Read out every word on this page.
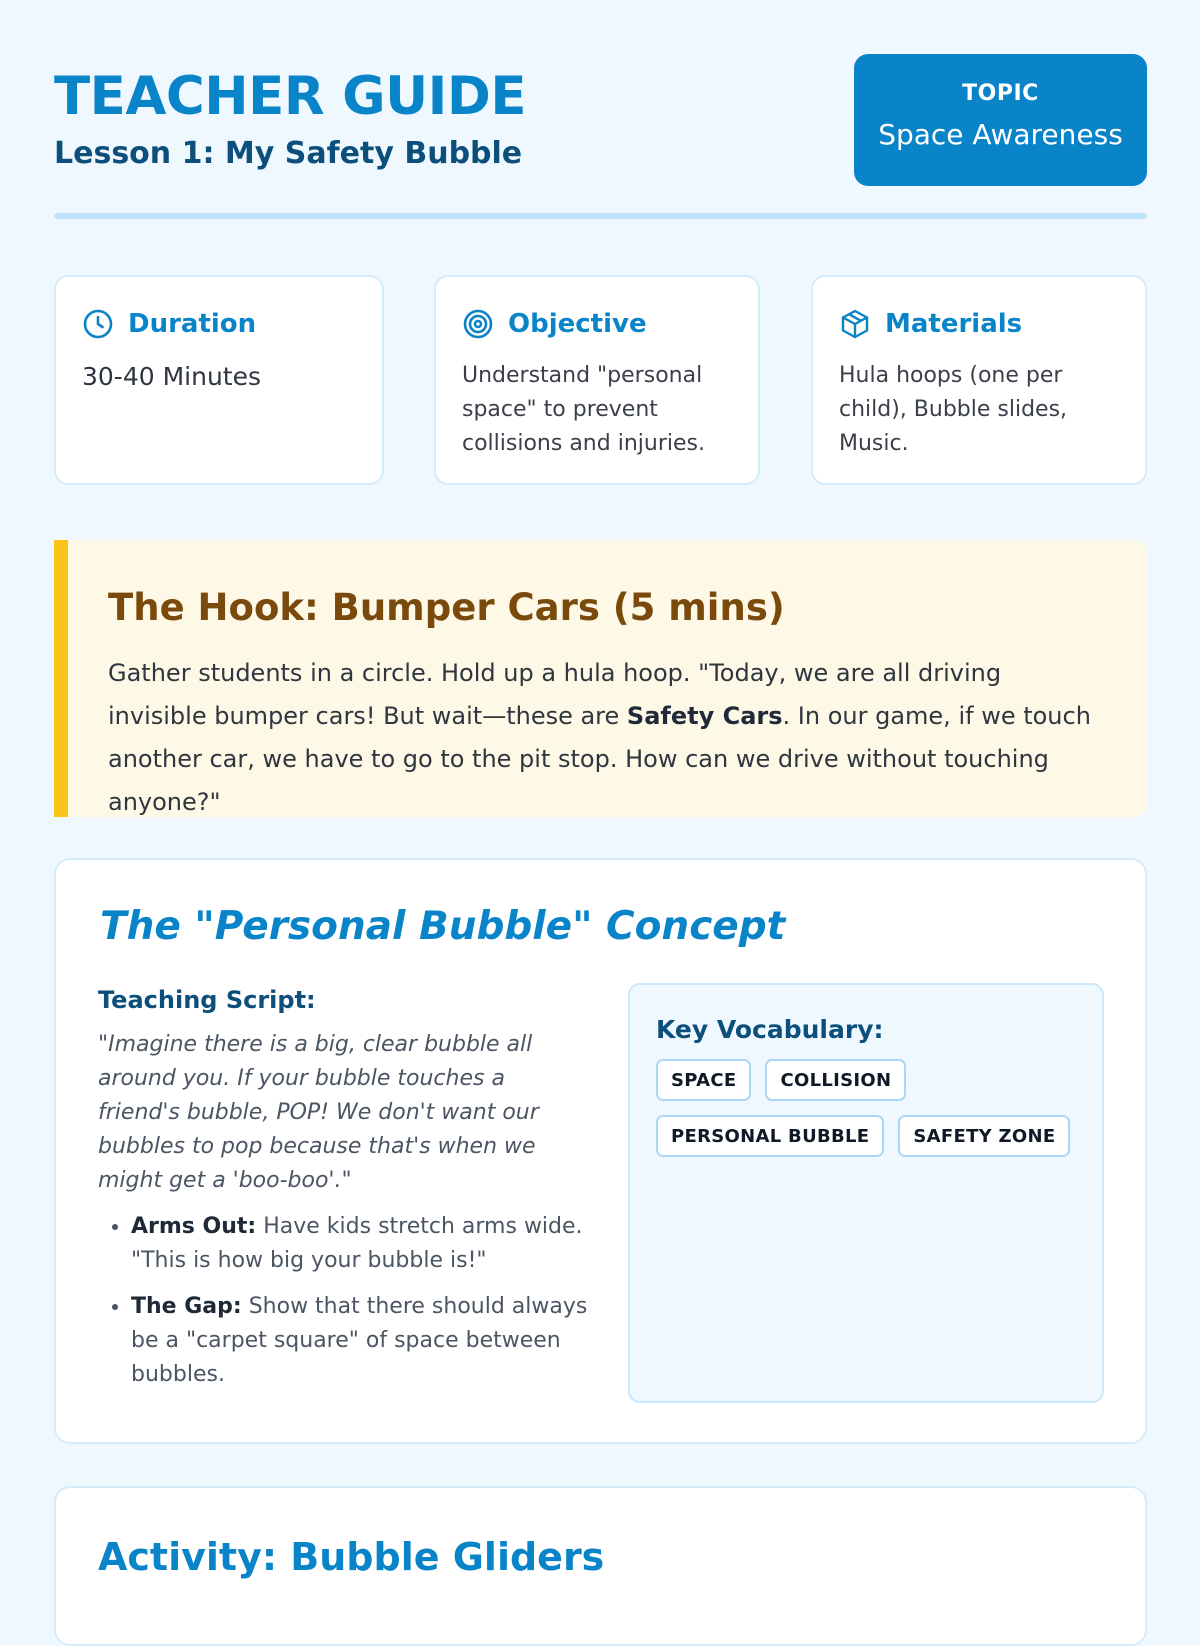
TEACHER GUIDE
Lesson 1: My Safety Bubble
TOPIC
Space Awareness
Duration
30-40 Minutes
Objective
Understand "personal space" to prevent collisions and injuries.
Materials
Hula hoops (one per child), Bubble slides, Music.
The Hook: Bumper Cars (5 mins)

Gather students in a circle. Hold up a hula hoop. "Today, we are all driving invisible bumper cars! But wait—these are Safety Cars. In our game, if we touch another car, we have to go to the pit stop. How can we drive without touching anyone?"

The "Personal Bubble" Concept
Teaching Script:
"Imagine there is a big, clear bubble all around you. If your bubble touches a friend's bubble, POP! We don't want our bubbles to pop because that's when we might get a 'boo-boo'."
• Arms Out: Have kids stretch arms wide. "This is how big your bubble is!"
• The Gap: Show that there should always be a "carpet square" of space between bubbles.
Key Vocabulary:
SPACE	COLLISION
PERSONAL BUBBLE	SAFETY ZONE
Activity: Bubble Gliders
